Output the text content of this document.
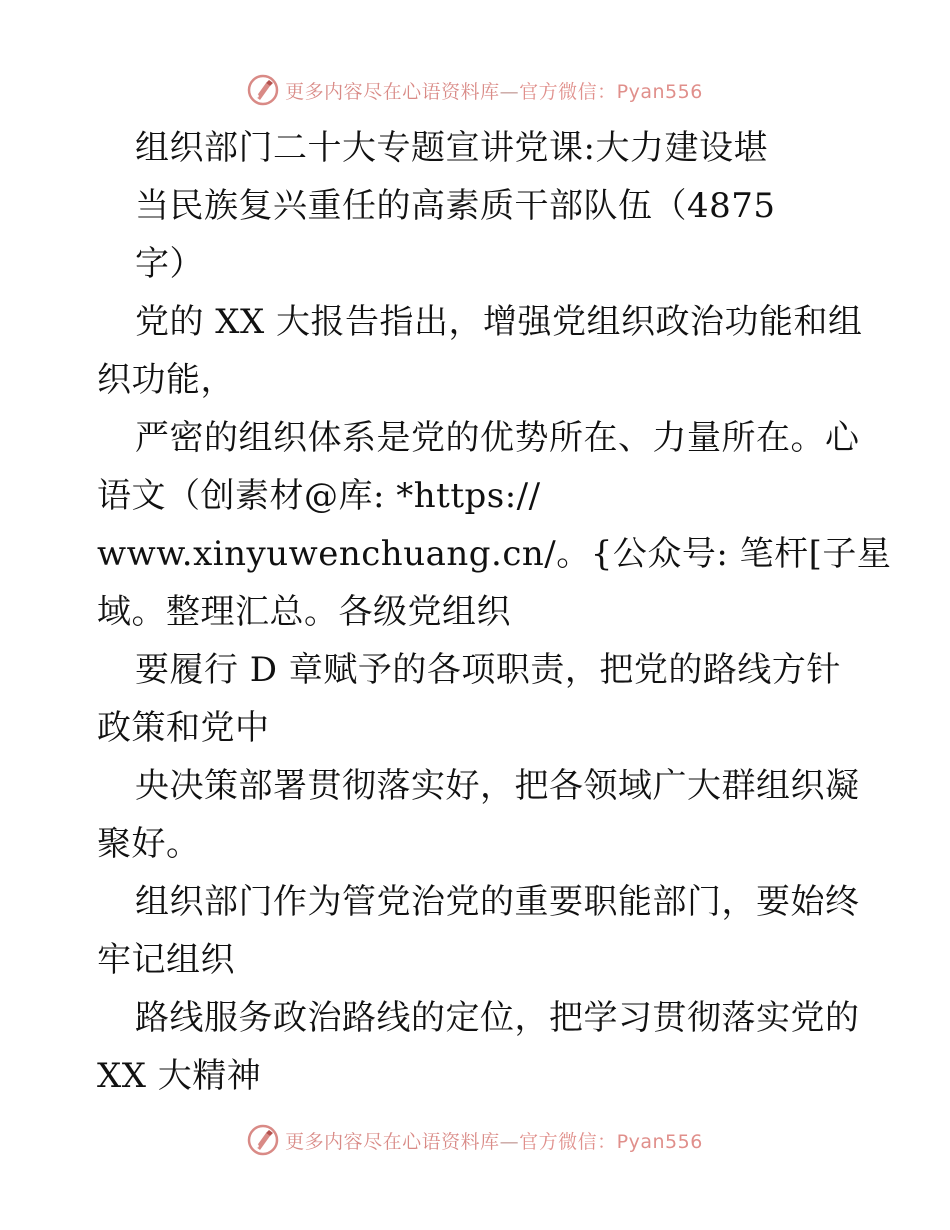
更多内容尽在心语资料库—官方微信：Pyan556
组织部门二十大专题宣讲党课:大力建设堪
当民族复兴重任的高素质干部队伍（4875
字）
党的 XX 大报告指出，增强党组织政治功能和组
织功能，
严密的组织体系是党的优势所在、力量所在。心
语文（创素材@库: *https://
www.xinyuwenchuang.cn/。{公众号: 笔杆[子星
域。整理汇总。各级党组织
要履行 D 章赋予的各项职责，把党的路线方针
政策和党中
央决策部署贯彻落实好，把各领域广大群组织凝
聚好。
组织部门作为管党治党的重要职能部门，要始终
牢记组织
路线服务政治路线的定位，把学习贯彻落实党的
XX 大精神
更多内容尽在心语资料库—官方微信：Pyan556
